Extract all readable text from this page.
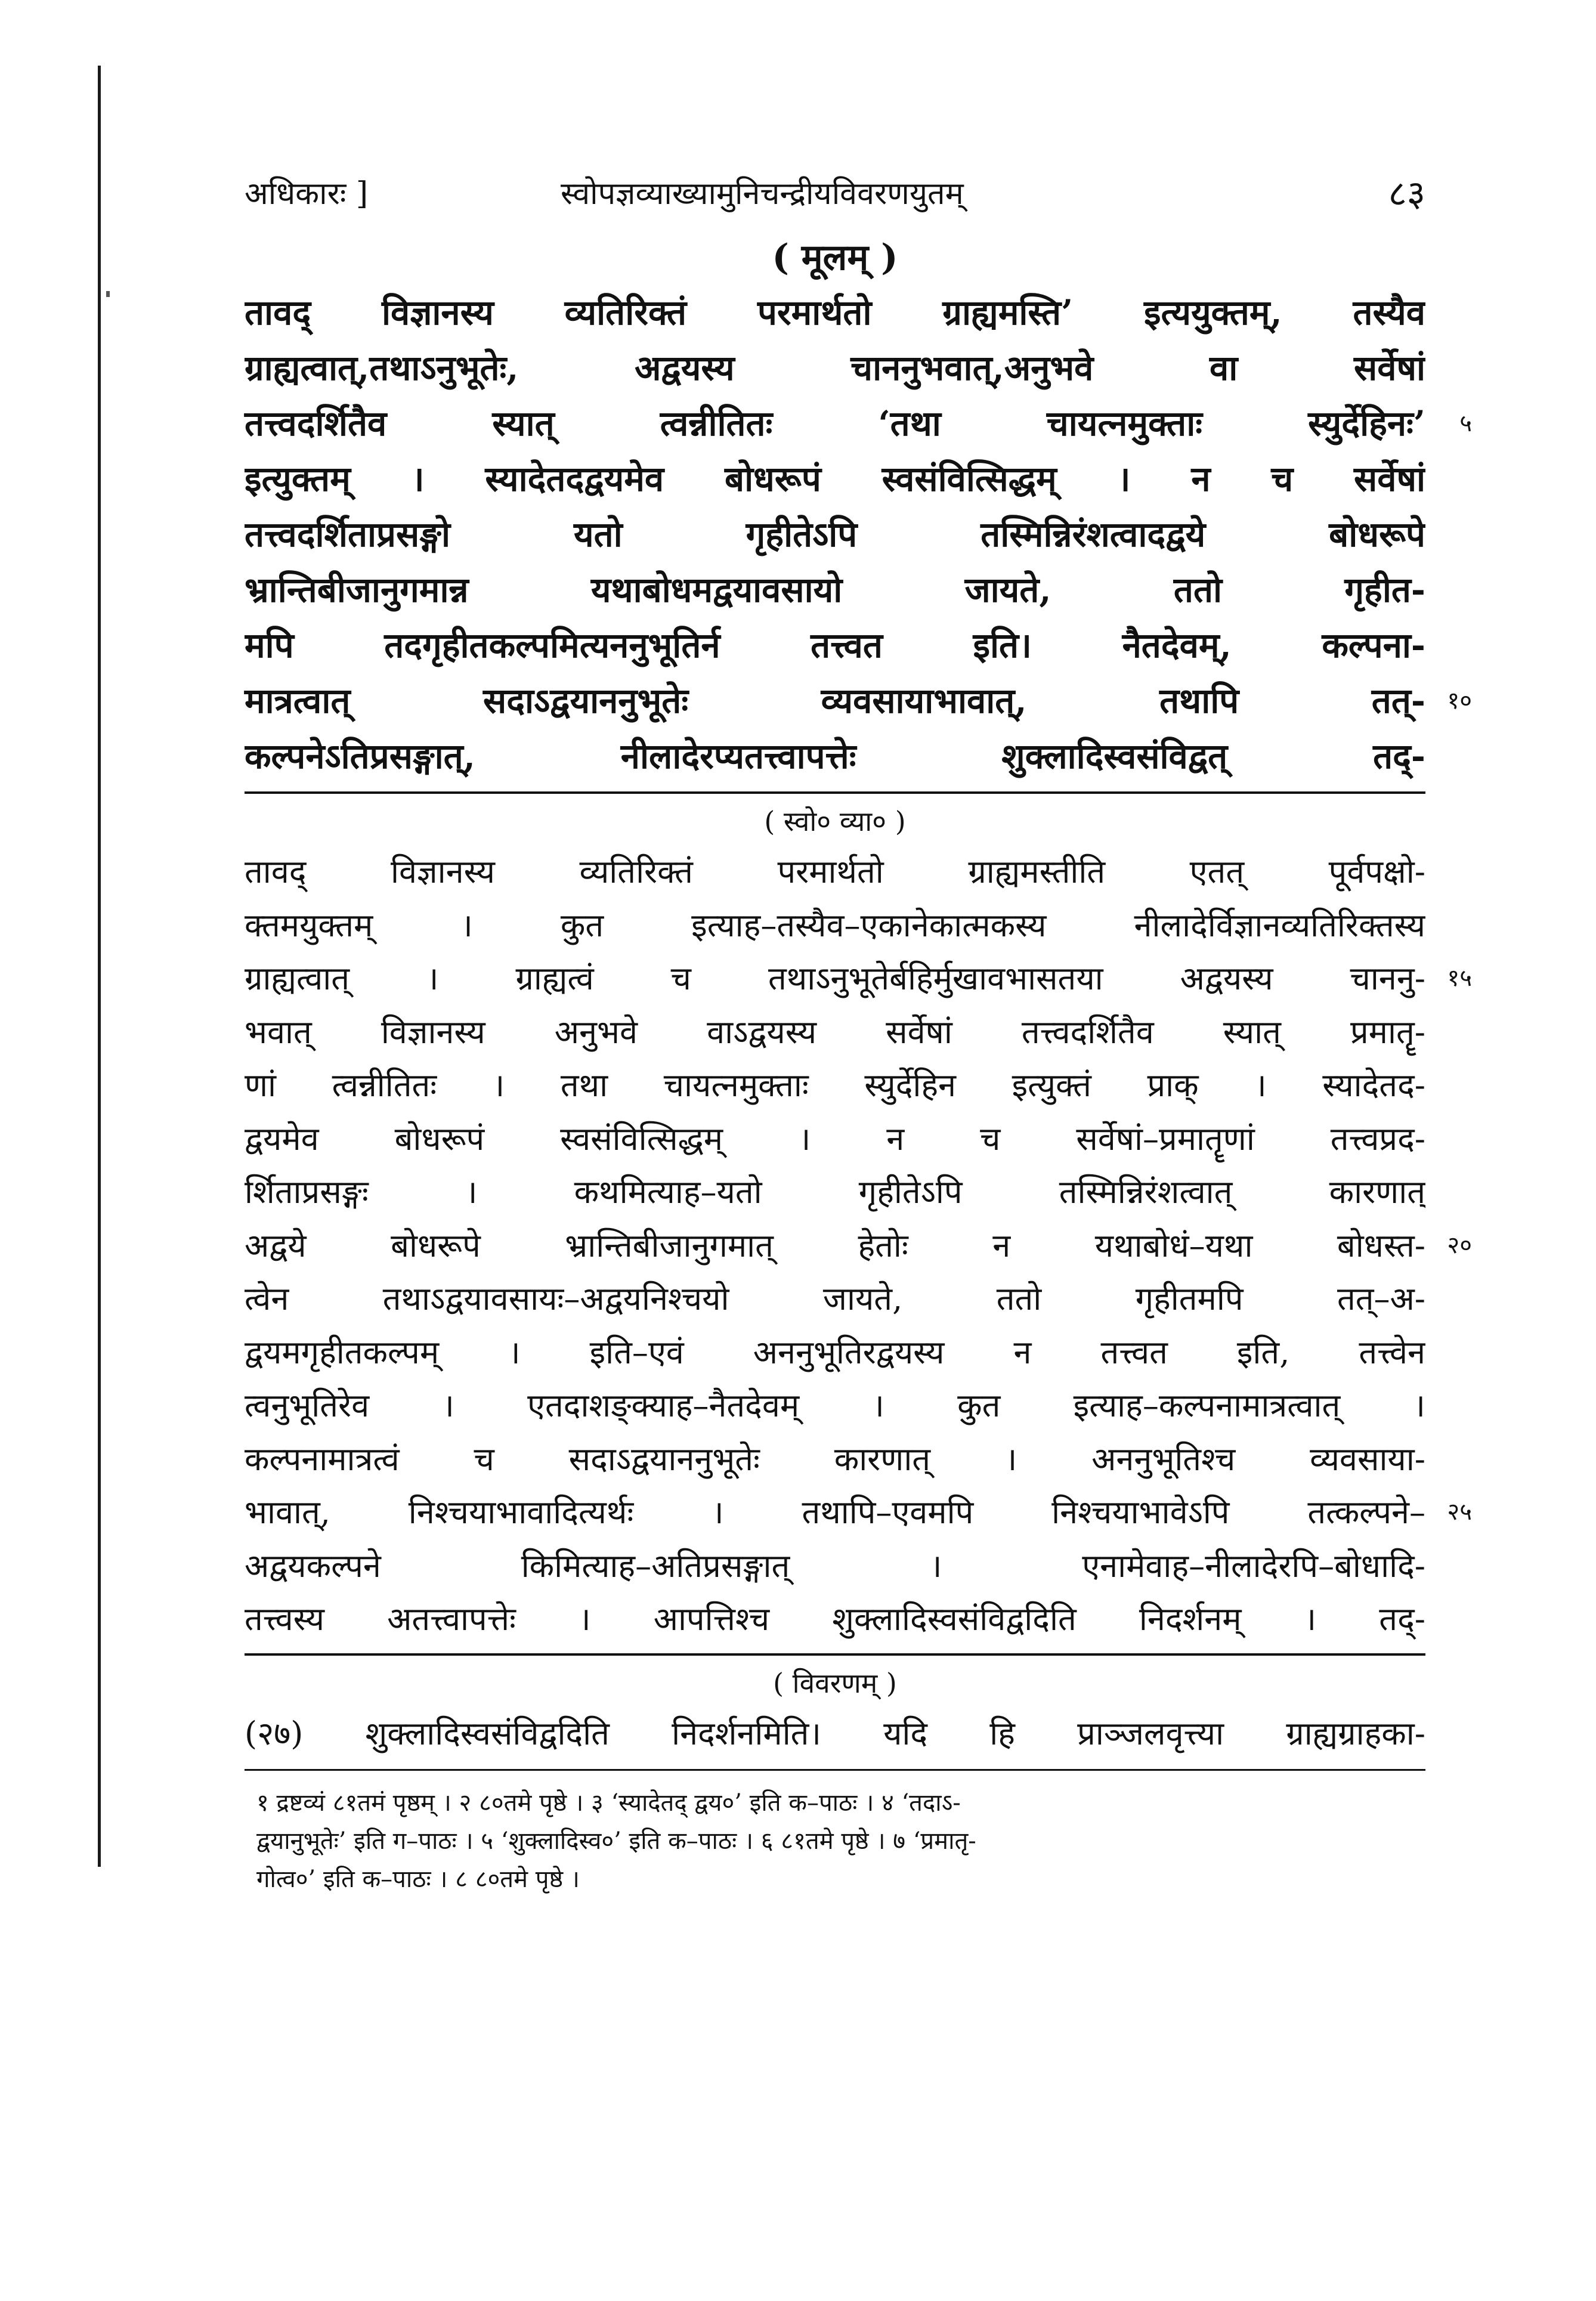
अधिकारः ]	स्वोपज्ञव्याख्यामुनिचन्द्रीयविवरणयुतम्	८३
( मूलम् )
तावद् विज्ञानस्य व्यतिरिक्तं परमार्थतो ग्राह्यमस्ति’ इत्ययुक्तम्, तस्यैव
ग्राह्यत्वात्,तथाऽनुभूतेः, अद्वयस्य चाननुभवात्,अनुभवे वा सर्वेषां
तत्त्वदर्शितैव स्यात् त्वन्नीतितः ‘तथा चायत्नमुक्ताः स्युर्देहिनः’ ५
इत्युक्तम् । स्यादेतदद्वयमेव बोधरूपं स्वसंवित्सिद्धम् । न च सर्वेषां
तत्त्वदर्शिताप्रसङ्गो यतो गृहीतेऽपि तस्मिन्निरंशत्वादद्वये बोधरूपे
भ्रान्तिबीजानुगमान्न यथाबोधमद्वयावसायो जायते, ततो गृहीत-
मपि तदगृहीतकल्पमित्यननुभूतिर्न तत्त्वत इति। नैतदेवम्, कल्पना-
मात्रत्वात् सदाऽद्वयाननुभूतेः व्यवसायाभावात्, तथापि तत्- १०
कल्पनेऽतिप्रसङ्गात्, नीलादेरप्यतत्त्वापत्तेः शुक्लादिस्वसंविद्वत् तद्-
( स्वो० व्या० )
तावद् विज्ञानस्य व्यतिरिक्तं परमार्थतो ग्राह्यमस्तीति एतत् पूर्वपक्षो-
क्तमयुक्तम् । कुत इत्याह–तस्यैव–एकानेकात्मकस्य नीलादेर्विज्ञानव्यतिरिक्तस्य
ग्राह्यत्वात् । ग्राह्यत्वं च तथाऽनुभूतेर्बहिर्मुखावभासतया अद्वयस्य चाननु- १५
भवात् विज्ञानस्य अनुभवे वाऽद्वयस्य सर्वेषां तत्त्वदर्शितैव स्यात् प्रमातॄ-
णां त्वन्नीतितः । तथा चायत्नमुक्ताः स्युर्देहिन इत्युक्तं प्राक् । स्यादेतद-
द्वयमेव बोधरूपं स्वसंवित्सिद्धम् । न च सर्वेषां–प्रमातॄणां तत्त्वप्रद-
र्शिताप्रसङ्गः । कथमित्याह–यतो गृहीतेऽपि तस्मिन्निरंशत्वात् कारणात्
अद्वये बोधरूपे भ्रान्तिबीजानुगमात् हेतोः न यथाबोधं–यथा बोधस्त- २०
त्वेन तथाऽद्वयावसायः–अद्वयनिश्चयो जायते, ततो गृहीतमपि तत्–अ-
द्वयमगृहीतकल्पम् । इति–एवं अननुभूतिरद्वयस्य न तत्त्वत इति, तत्त्वेन
त्वनुभूतिरेव । एतदाशङ्क्याह–नैतदेवम् । कुत इत्याह–कल्पनामात्रत्वात् ।
कल्पनामात्रत्वं च सदाऽद्वयाननुभूतेः कारणात् । अननुभूतिश्च व्यवसाया-
भावात्, निश्चयाभावादित्यर्थः । तथापि–एवमपि निश्चयाभावेऽपि तत्कल्पने– २५
अद्वयकल्पने किमित्याह–अतिप्रसङ्गात् । एनामेवाह–नीलादेरपि–बोधादि-
तत्त्वस्य अतत्त्वापत्तेः । आपत्तिश्च शुक्लादिस्वसंविद्वदिति निदर्शनम् । तद्-
( विवरणम् )
(२७) शुक्लादिस्वसंविद्वदिति निदर्शनमिति। यदि हि प्राञ्जलवृत्त्या ग्राह्यग्राहका-
१ द्रष्टव्यं ८१तमं पृष्ठम् । २ ८०तमे पृष्ठे । ३ ‘स्यादेतद् द्वय०’ इति क–पाठः । ४ ‘तदाऽ-
द्वयानुभूतेः’ इति ग–पाठः । ५ ‘शुक्लादिस्व०’ इति क–पाठः । ६ ८१तमे पृष्ठे । ७ ‘प्रमातृ-
गोत्व०’ इति क–पाठः । ८ ८०तमे पृष्ठे ।
